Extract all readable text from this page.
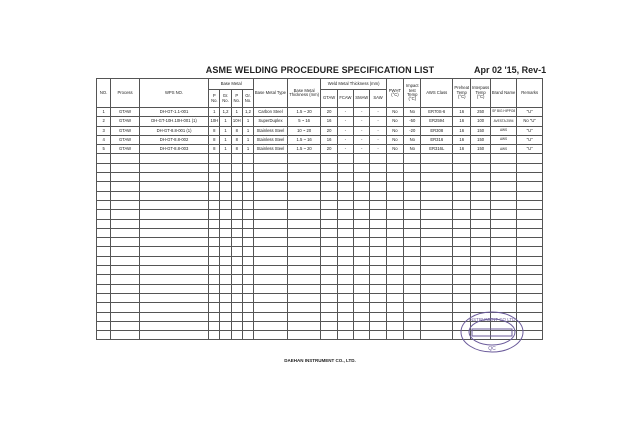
ASME WELDING PROCEDURE SPECIFICATION LIST	Apr 02 '15, Rev-1
NO.	Process	WPS NO.	Base Metal				Base Metal Type	Base Metal Thickness (mm)	Weld Metal Thickness (mm)				PWHT (°C)	Impact test Temp (°C)	AWS Class	Preheat Temp (°C)	Interpass Temp (°C)	Brand Name	Remarks
			P No.	Gr. No.	P No.	Gr. No.			GTAW	FCAW	SMAW	SAW							
1	GTAW	DH-GT-1.1-001	1	1,2	1	1,2	Carbon Steel	1.5 ~ 20	20	-	-	-	No	No	ER70S-6	16	250	SF BIG HIPPO8	"U"
2	GTAW	DH-GT-10H.10H-001 (1)	10H	1	10H	1	SuperDuplex	5 ~ 16	16	-	-	-	No	-50	ER2594	16	100	AVESTA 2594	No "U"
3	GTAW	DH-GT-8.8-001 (1)	8	1	8	1	Stainless Steel	10 ~ 20	20	-	-	-	No	-20	ER308	16	150	AWS	"U"
4	GTAW	DH-GT-8.8-002	8	1	8	1	Stainless Steel	1.5 ~ 16	16	-	-	-	No	No	ER316	16	150	AWS	"U"
5	GTAW	DH-GT-8.8-003	8	1	8	1	Stainless Steel	1.5 ~ 20	20	-	-	-	No	No	ER316L	16	150	AWS	"U"

INSTRUMENT CO LTD
QC
DAEHAN INSTRUMENT CO., LTD.
